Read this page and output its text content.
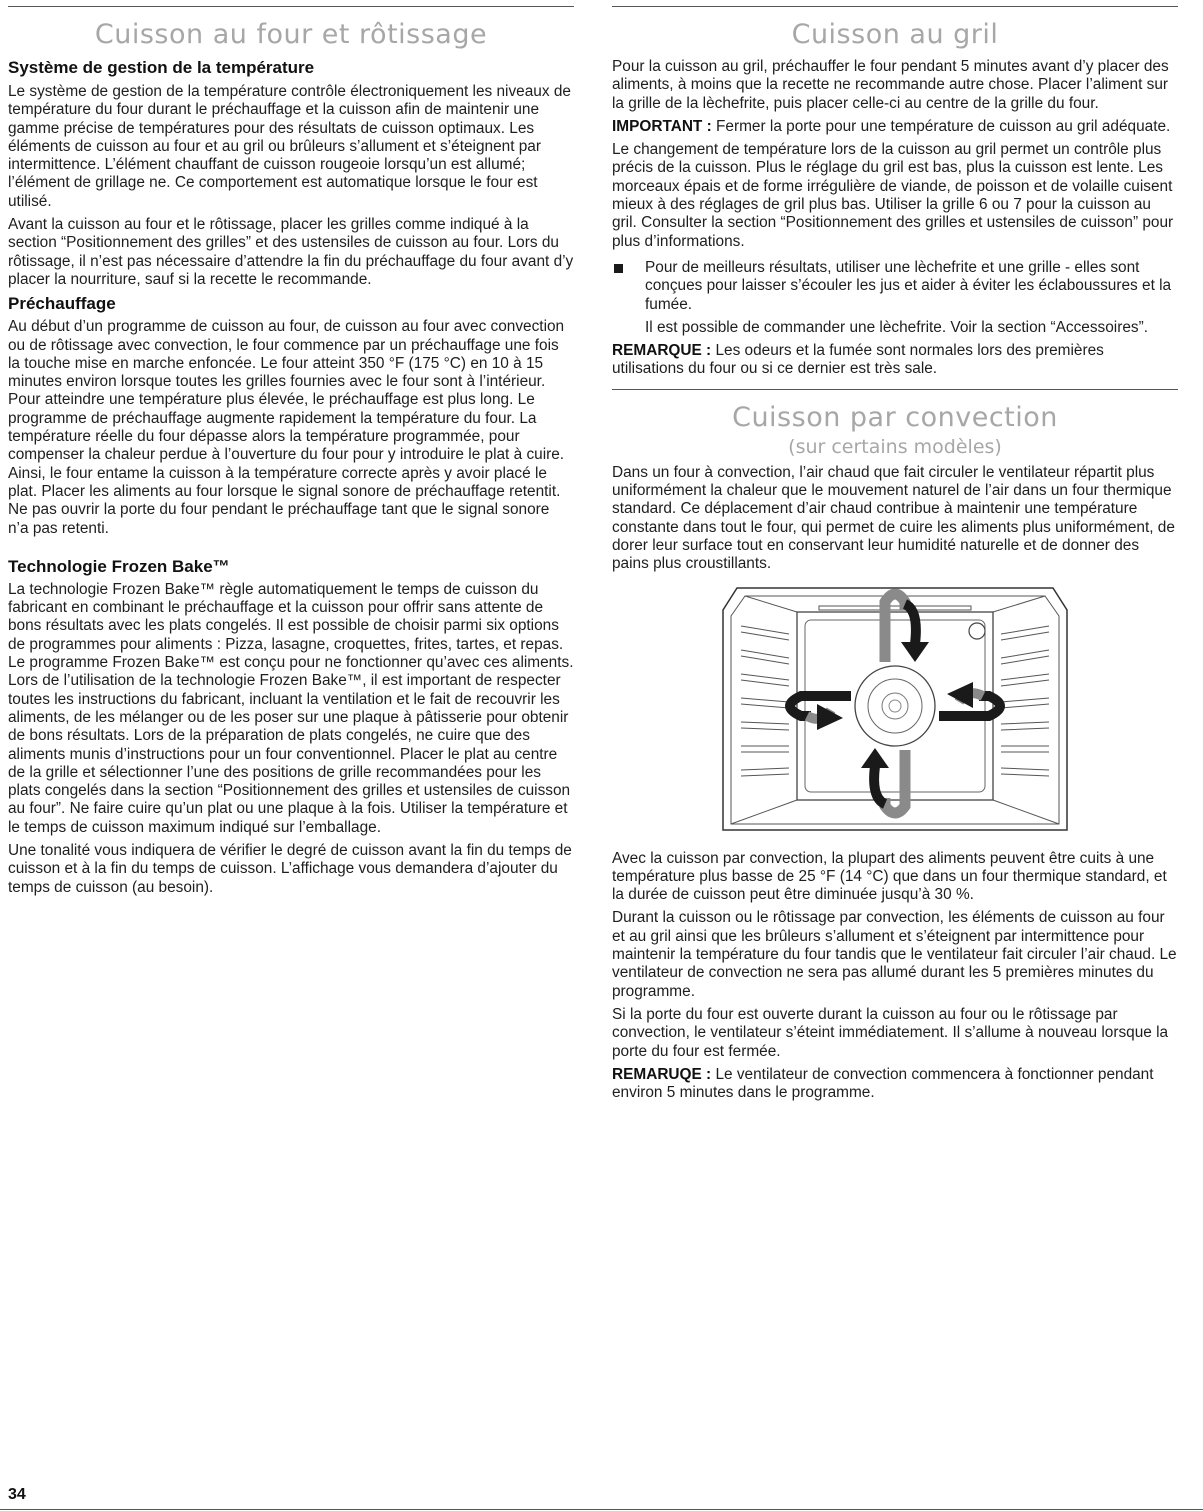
Cuisson au four et rôtissage
Système de gestion de la température

Le système de gestion de la température contrôle électroniquement les niveaux de température du four durant le préchauffage et la cuisson afin de maintenir une gamme précise de températures pour des résultats de cuisson optimaux. Les éléments de cuisson au four et au gril ou brûleurs s’allument et s’éteignent par intermittence. L’élément chauffant de cuisson rougeoie lorsqu’un est allumé; l’élément de grillage ne. Ce comportement est automatique lorsque le four est utilisé.

Avant la cuisson au four et le rôtissage, placer les grilles comme indiqué à la section “Positionnement des grilles” et des ustensiles de cuisson au four. Lors du rôtissage, il n’est pas nécessaire d’attendre la fin du préchauffage du four avant d’y placer la nourriture, sauf si la recette le recommande.

Préchauffage

Au début d’un programme de cuisson au four, de cuisson au four avec convection ou de rôtissage avec convection, le four commence par un préchauffage une fois la touche mise en marche enfoncée. Le four atteint 350 °F (175 °C) en 10 à 15 minutes environ lorsque toutes les grilles fournies avec le four sont à l’intérieur. Pour atteindre une température plus élevée, le préchauffage est plus long. Le programme de préchauffage augmente rapidement la température du four. La température réelle du four dépasse alors la température programmée, pour compenser la chaleur perdue à l’ouverture du four pour y introduire le plat à cuire. Ainsi, le four entame la cuisson à la température correcte après y avoir placé le plat. Placer les aliments au four lorsque le signal sonore de préchauffage retentit. Ne pas ouvrir la porte du four pendant le préchauffage tant que le signal sonore n’a pas retenti.

Technologie Frozen Bake™

La technologie Frozen Bake™ règle automatiquement le temps de cuisson du fabricant en combinant le préchauffage et la cuisson pour offrir sans attente de bons résultats avec les plats congelés. Il est possible de choisir parmi six options de programmes pour aliments : Pizza, lasagne, croquettes, frites, tartes, et repas. Le programme Frozen Bake™ est conçu pour ne fonctionner qu’avec ces aliments. Lors de l’utilisation de la technologie Frozen Bake™, il est important de respecter toutes les instructions du fabricant, incluant la ventilation et le fait de recouvrir les aliments, de les mélanger ou de les poser sur une plaque à pâtisserie pour obtenir de bons résultats. Lors de la préparation de plats congelés, ne cuire que des aliments munis d’instructions pour un four conventionnel. Placer le plat au centre de la grille et sélectionner l’une des positions de grille recommandées pour les plats congelés dans la section “Positionnement des grilles et ustensiles de cuisson au four”. Ne faire cuire qu’un plat ou une plaque à la fois. Utiliser la température et le temps de cuisson maximum indiqué sur l’emballage.

Une tonalité vous indiquera de vérifier le degré de cuisson avant la fin du temps de cuisson et à la fin du temps de cuisson. L’affichage vous demandera d’ajouter du temps de cuisson (au besoin).

Cuisson au gril

Pour la cuisson au gril, préchauffer le four pendant 5 minutes avant d’y placer des aliments, à moins que la recette ne recommande autre chose. Placer l’aliment sur la grille de la lèchefrite, puis placer celle-ci au centre de la grille du four.

IMPORTANT : Fermer la porte pour une température de cuisson au gril adéquate.

Le changement de température lors de la cuisson au gril permet un contrôle plus précis de la cuisson. Plus le réglage du gril est bas, plus la cuisson est lente. Les morceaux épais et de forme irrégulière de viande, de poisson et de volaille cuisent mieux à des réglages de gril plus bas. Utiliser la grille 6 ou 7 pour la cuisson au gril. Consulter la section “Positionnement des grilles et ustensiles de cuisson” pour plus d’informations.

Pour de meilleurs résultats, utiliser une lèchefrite et une grille - elles sont conçues pour laisser s’écouler les jus et aider à éviter les éclaboussures et la fumée.

Il est possible de commander une lèchefrite. Voir la section “Accessoires”.

REMARQUE : Les odeurs et la fumée sont normales lors des premières utilisations du four ou si ce dernier est très sale.

Cuisson par convection
(sur certains modèles)

Dans un four à convection, l’air chaud que fait circuler le ventilateur répartit plus uniformément la chaleur que le mouvement naturel de l’air dans un four thermique standard. Ce déplacement d’air chaud contribue à maintenir une température constante dans tout le four, qui permet de cuire les aliments plus uniformément, de dorer leur surface tout en conservant leur humidité naturelle et de donner des pains plus croustillants.

Avec la cuisson par convection, la plupart des aliments peuvent être cuits à une température plus basse de 25 °F (14 °C) que dans un four thermique standard, et la durée de cuisson peut être diminuée jusqu’à 30 %.

Durant la cuisson ou le rôtissage par convection, les éléments de cuisson au four et au gril ainsi que les brûleurs s’allument et s’éteignent par intermittence pour maintenir la température du four tandis que le ventilateur fait circuler l’air chaud. Le ventilateur de convection ne sera pas allumé durant les 5 premières minutes du programme.

Si la porte du four est ouverte durant la cuisson au four ou le rôtissage par convection, le ventilateur s’éteint immédiatement. Il s’allume à nouveau lorsque la porte du four est fermée.

REMARUQE : Le ventilateur de convection commencera à fonctionner pendant environ 5 minutes dans le programme.

34
